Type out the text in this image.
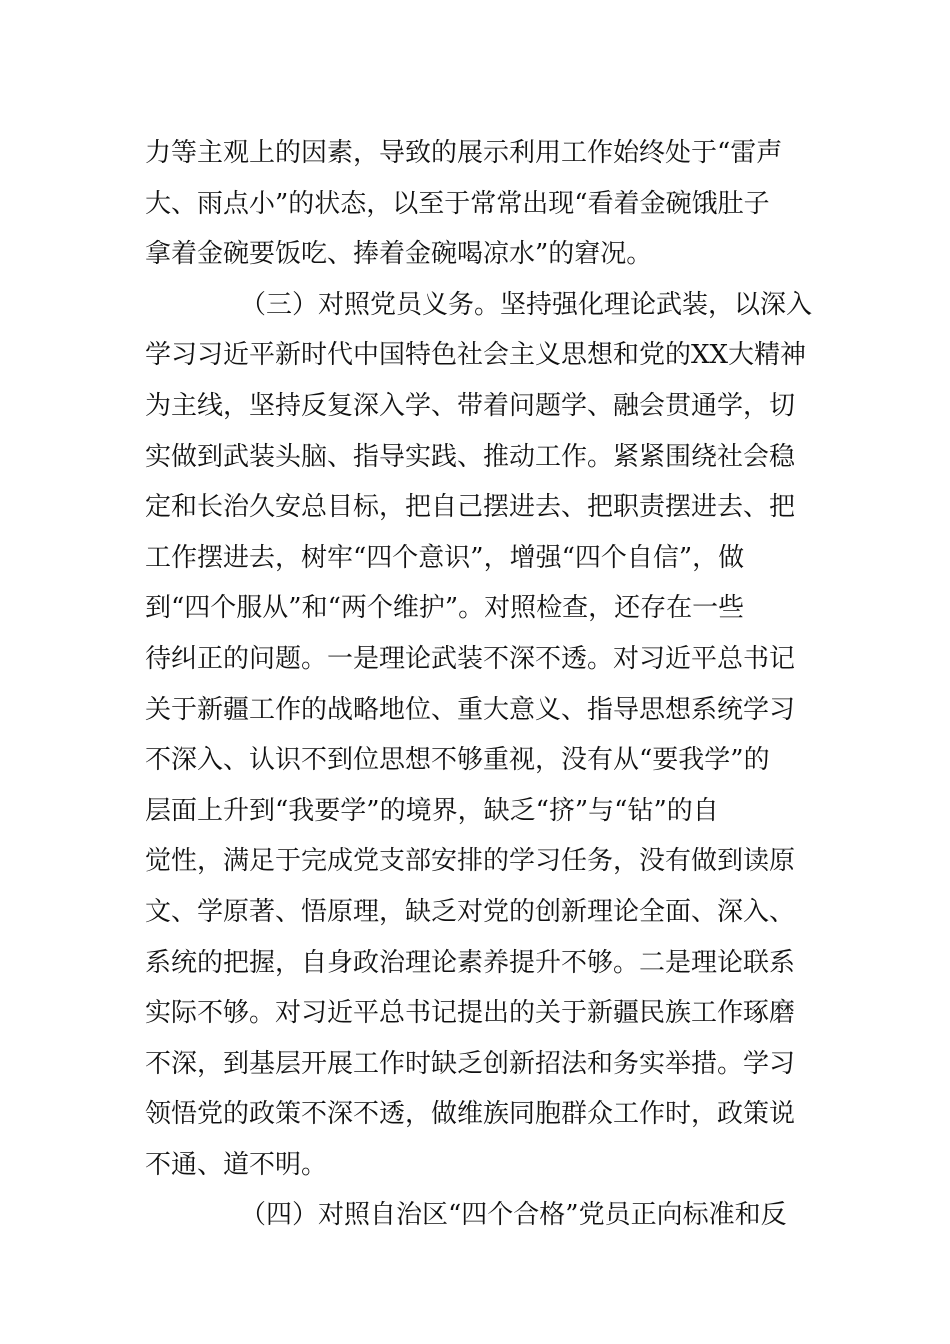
力等主观上的因素，导致的展示利用工作始终处于“雷声
大、雨点小”的状态，以至于常常出现“看着金碗饿肚子
拿着金碗要饭吃、捧着金碗喝凉水”的窘况。
（三）对照党员义务。坚持强化理论武装，以深入
学习习近平新时代中国特色社会主义思想和党的XX大精神
为主线，坚持反复深入学、带着问题学、融会贯通学，切
实做到武装头脑、指导实践、推动工作。紧紧围绕社会稳
定和长治久安总目标，把自己摆进去、把职责摆进去、把
工作摆进去，树牢“四个意识”，增强“四个自信”，做
到“四个服从”和“两个维护”。对照检查，还存在一些
待纠正的问题。一是理论武装不深不透。对习近平总书记
关于新疆工作的战略地位、重大意义、指导思想系统学习
不深入、认识不到位思想不够重视，没有从“要我学”的
层面上升到“我要学”的境界，缺乏“挤”与“钻”的自
觉性，满足于完成党支部安排的学习任务，没有做到读原
文、学原著、悟原理，缺乏对党的创新理论全面、深入、
系统的把握，自身政治理论素养提升不够。二是理论联系
实际不够。对习近平总书记提出的关于新疆民族工作琢磨
不深，到基层开展工作时缺乏创新招法和务实举措。学习
领悟党的政策不深不透，做维族同胞群众工作时，政策说
不通、道不明。
（四）对照自治区“四个合格”党员正向标准和反
